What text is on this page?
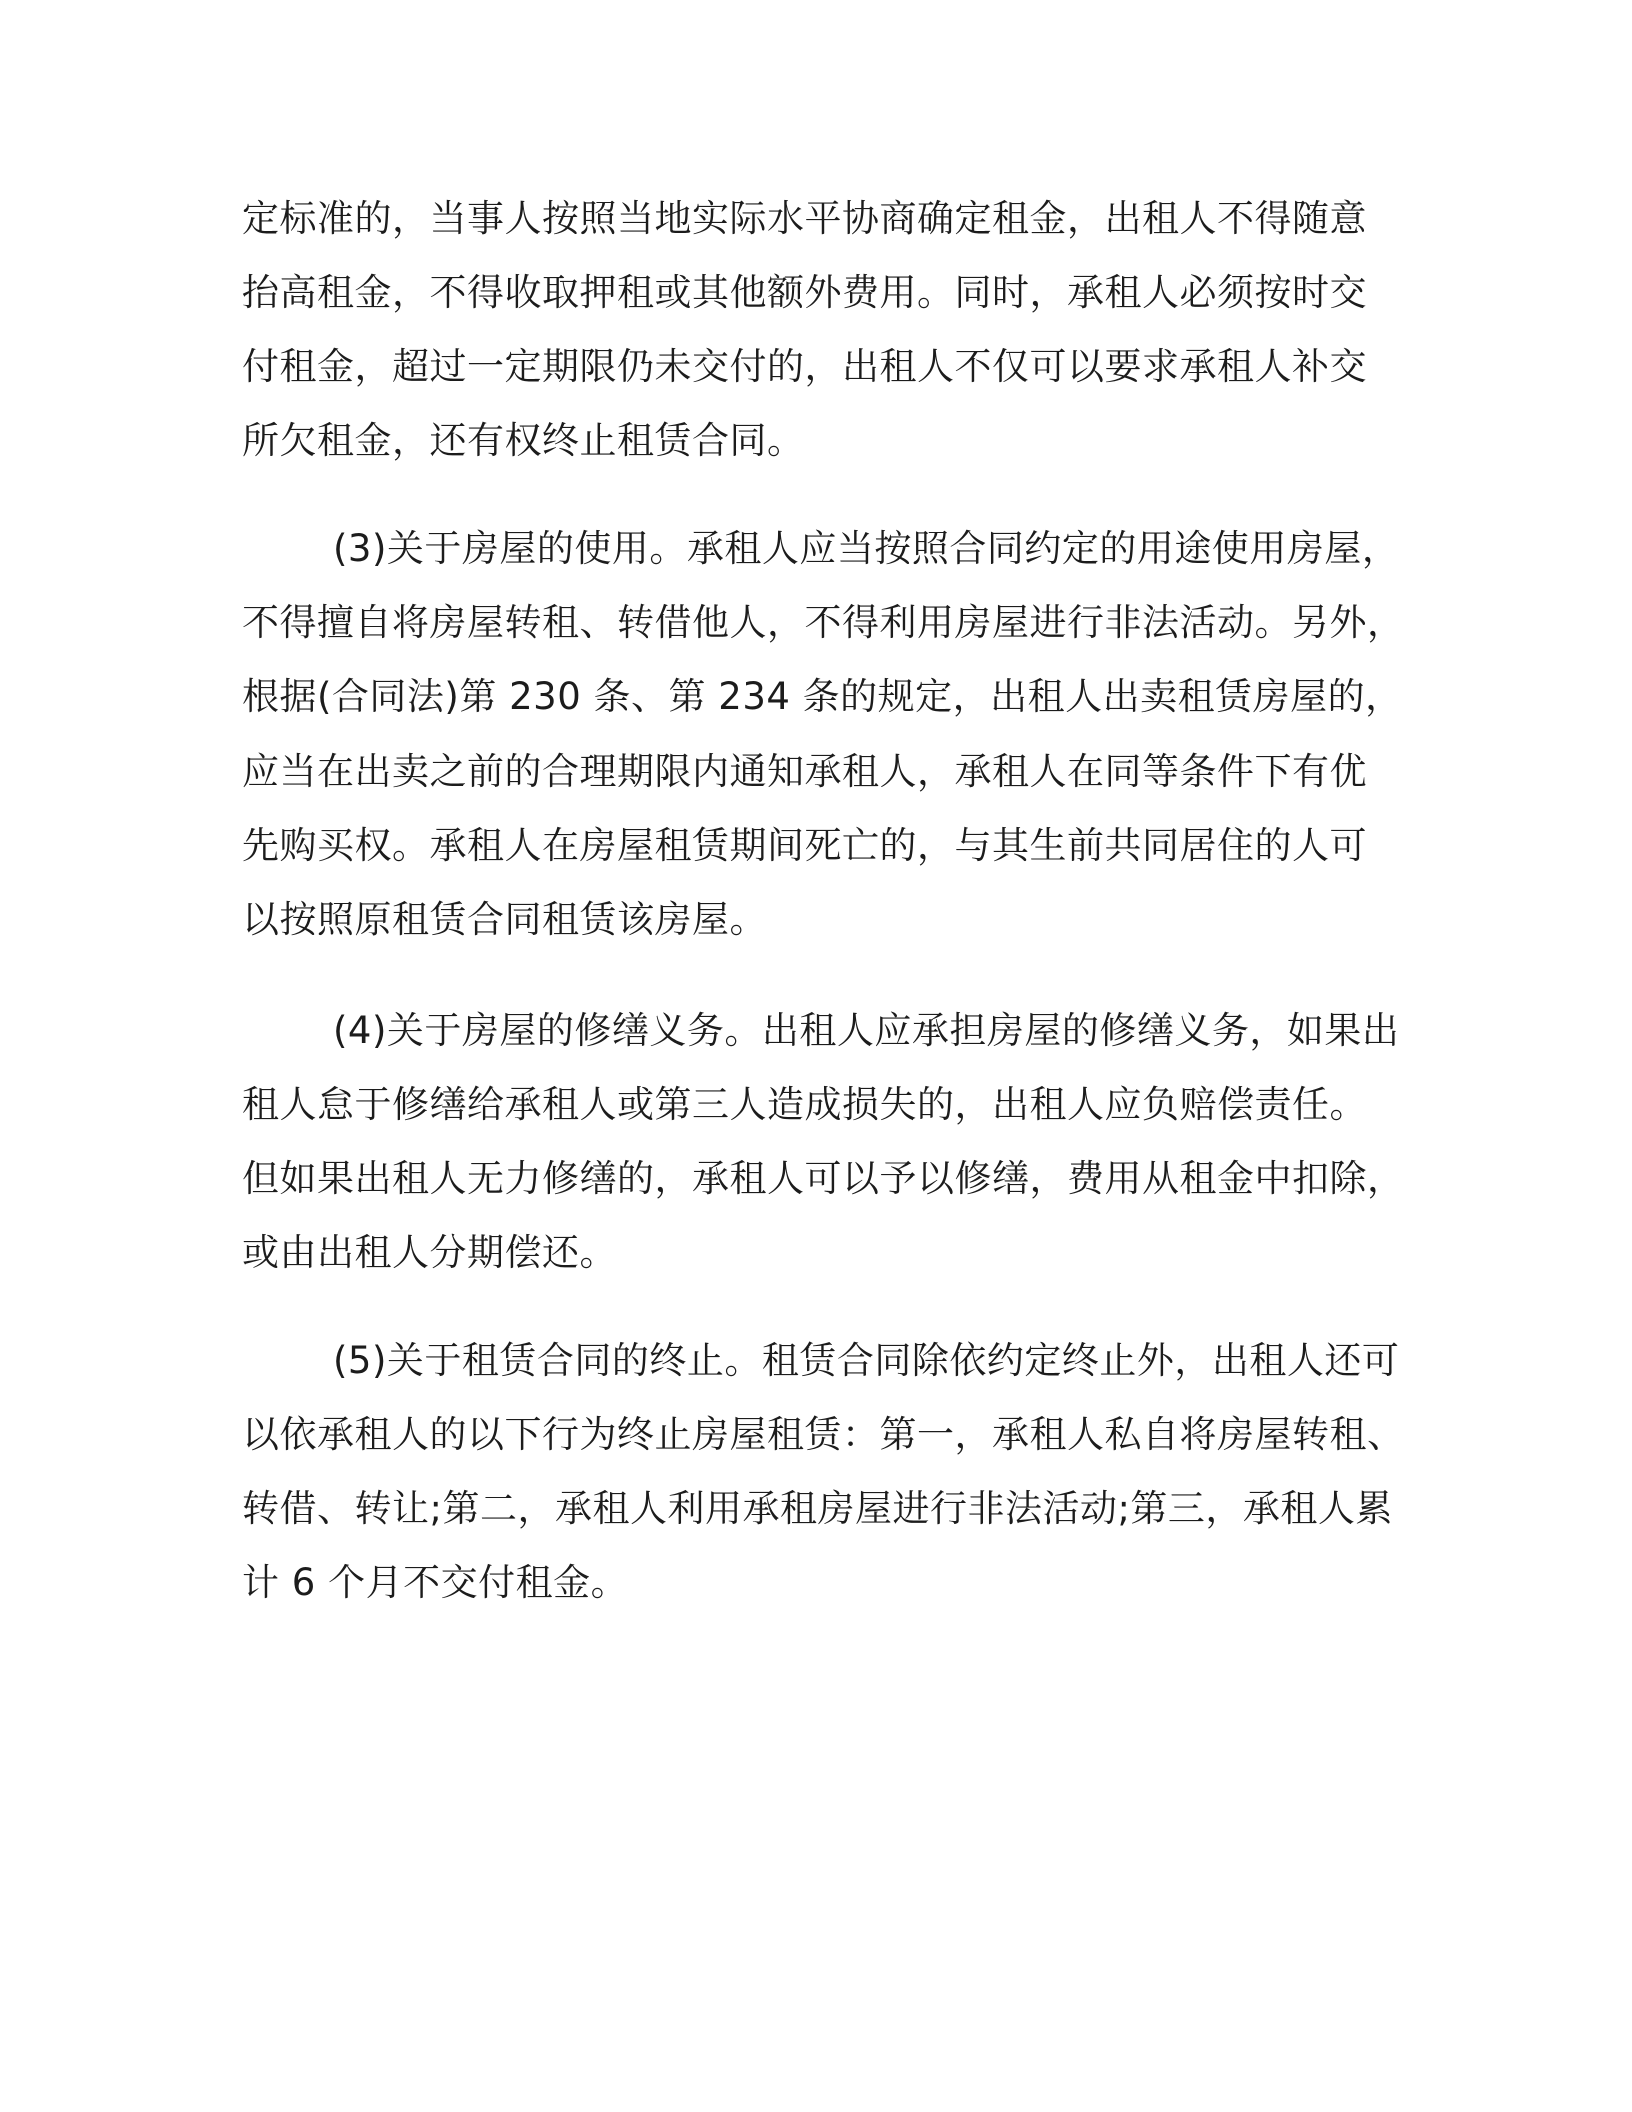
定标准的，当事人按照当地实际水平协商确定租金，出租人不得随意

抬高租金，不得收取押租或其他额外费用。同时，承租人必须按时交

付租金，超过一定期限仍未交付的，出租人不仅可以要求承租人补交

所欠租金，还有权终止租赁合同。

(3)关于房屋的使用。承租人应当按照合同约定的用途使用房屋，

不得擅自将房屋转租、转借他人，不得利用房屋进行非法活动。另外，

根据(合同法)第 230 条、第 234 条的规定，出租人出卖租赁房屋的，

应当在出卖之前的合理期限内通知承租人，承租人在同等条件下有优

先购买权。承租人在房屋租赁期间死亡的，与其生前共同居住的人可

以按照原租赁合同租赁该房屋。

(4)关于房屋的修缮义务。出租人应承担房屋的修缮义务，如果出

租人怠于修缮给承租人或第三人造成损失的，出租人应负赔偿责任。

但如果出租人无力修缮的，承租人可以予以修缮，费用从租金中扣除，

或由出租人分期偿还。

(5)关于租赁合同的终止。租赁合同除依约定终止外，出租人还可

以依承租人的以下行为终止房屋租赁：第一，承租人私自将房屋转租、

转借、转让;第二，承租人利用承租房屋进行非法活动;第三，承租人累

计 6 个月不交付租金。
